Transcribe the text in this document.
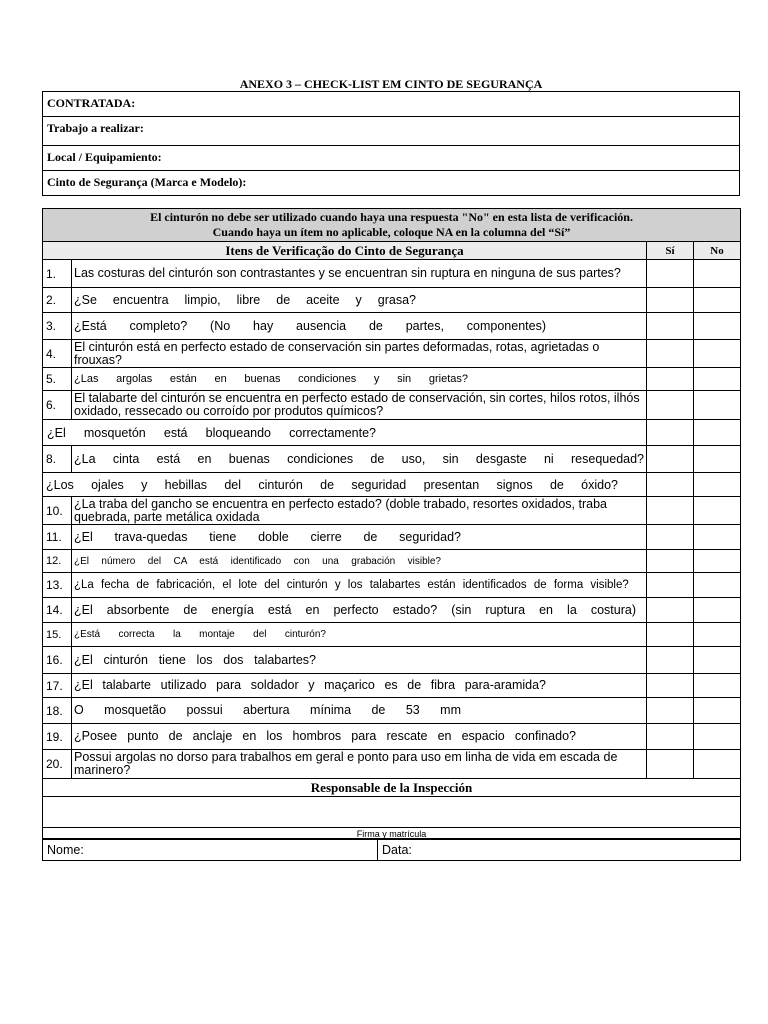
ANEXO 3 – CHECK-LIST EM CINTO DE SEGURANÇA
CONTRATADA:
Trabajo a realizar:
Local / Equipamiento:
Cinto de Segurança (Marca e Modelo):
El cinturón no debe ser utilizado cuando haya una respuesta "No" en esta lista de verificación.
Cuando haya un ítem no aplicable, coloque NA en la columna del “Sí”			

Itens de Verificação do Cinto de Segurança		Sí	No
1.	Las costuras del cinturón son contrastantes y se encuentran sin ruptura en ninguna de sus partes?		
2.	¿Se encuentra limpio, libre de aceite y grasa?		
3.	¿Está completo? (No hay ausencia de partes, componentes)		
4.	El cinturón está en perfecto estado de conservación sin partes deformadas, rotas, agrietadas o frouxas?		
5.	¿Las argolas están en buenas condiciones y sin grietas?		
6.	El talabarte del cinturón se encuentra en perfecto estado de conservación, sin cortes, hilos rotos, ilhós oxidado, ressecado ou corroído por produtos químicos?		
¿El mosquetón está bloqueando correctamente?			
8.	¿La cinta está en buenas condiciones de uso, sin desgaste ni resequedad?		
¿Los ojales y hebillas del cinturón de seguridad presentan signos de óxido?			
10.	¿La traba del gancho se encuentra en perfecto estado? (doble trabado, resortes oxidados, traba quebrada, parte metálica oxidada		
11.	¿El trava-quedas tiene doble cierre de seguridad?		
12.	¿El número del CA está identificado con una grabación visible?		
13.	¿La fecha de fabricación, el lote del cinturón y los talabartes están identificados de forma visible?		
14.	¿El absorbente de energía está en perfecto estado? (sin ruptura en la costura)		
15.	¿Está correcta la montaje del cinturón?		
16.	¿El cinturón tiene los dos talabartes?		
17.	¿El talabarte utilizado para soldador y maçarico es de fibra para-aramida?		
18.	O mosquetão possui abertura mínima de 53 mm		
19.	¿Posee punto de anclaje en los hombros para rescate en espacio confinado?		
20.	Possui argolas no dorso para trabalhos em geral e ponto para uso em linha de vida em escada de marinero?		
Responsable de la Inspección			

Firma y matrícula			
Nome:	Data:
